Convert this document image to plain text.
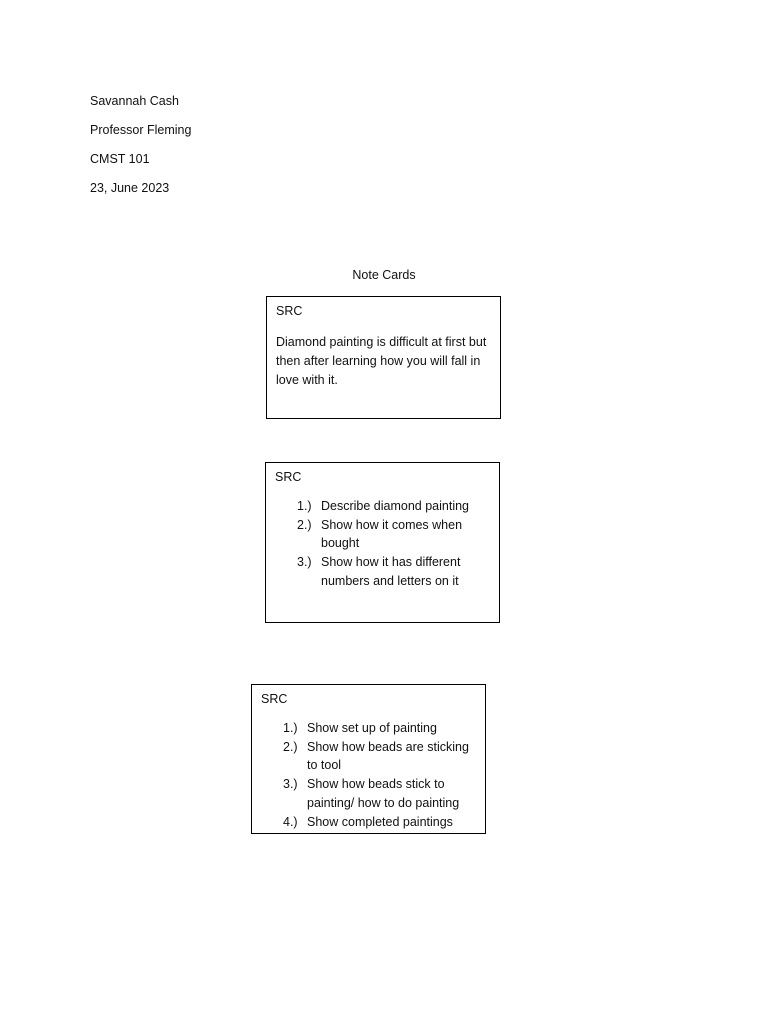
Savannah Cash
Professor Fleming
CMST 101
23, June 2023
Note Cards
SRC
Diamond painting is difficult at first but then after learning how you will fall in love with it.
SRC
1.) Describe diamond painting
2.) Show how it comes when bought
3.) Show how it has different numbers and letters on it
SRC
1.) Show set up of painting
2.) Show how beads are sticking to tool
3.) Show how beads stick to painting/ how to do painting
4.) Show completed paintings
